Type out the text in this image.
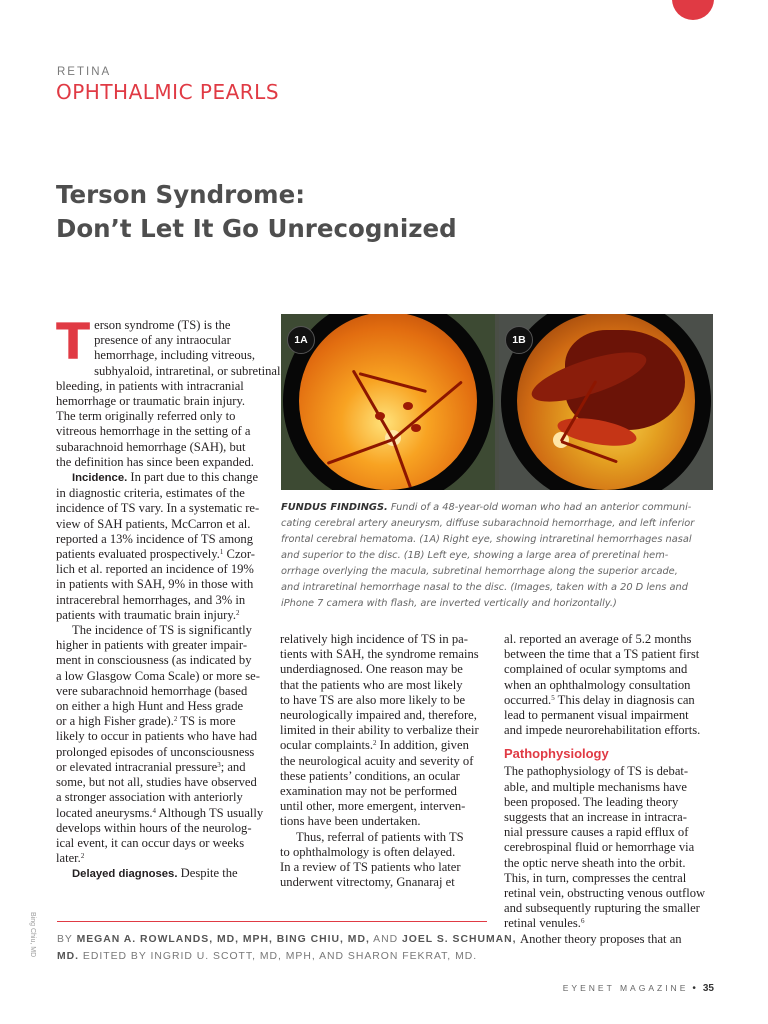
RETINA
OPHTHALMIC PEARLS
Terson Syndrome:
Don’t Let It Go Unrecognized
T erson syndrome (TS) is the

presence of any intraocular

hemorrhage, including vitreous,

subhyaloid, intraretinal, or subretinal

bleeding, in patients with intracranial

hemorrhage or traumatic brain injury.

The term originally referred only to

vitreous hemorrhage in the setting of a

subarachnoid hemorrhage (SAH), but

the definition has since been expanded.

Incidence. In part due to this change

in diagnostic criteria, estimates of the

incidence of TS vary. In a systematic re-

view of SAH patients, McCarron et al.

reported a 13% incidence of TS among

patients evaluated prospectively.$^1$ Czor-

lich et al. reported an incidence of 19%

in patients with SAH, 9% in those with

intracerebral hemorrhages, and 3% in

patients with traumatic brain injury.$^2$

The incidence of TS is significantly

higher in patients with greater impair-

ment in consciousness (as indicated by

a low Glasgow Coma Scale) or more se-

vere subarachnoid hemorrhage (based

on either a high Hunt and Hess grade

or a high Fisher grade).$^2$ TS is more

likely to occur in patients who have had

prolonged episodes of unconsciousness

or elevated intracranial pressure$^3$; and

some, but not all, studies have observed

a stronger association with anteriorly

located aneurysms.$^4$ Although TS usually

develops within hours of the neurolog-

ical event, it can occur days or weeks

later.$^2$

Delayed diagnoses. Despite the

1A	1B
FUNDUS FINDINGS. Fundi of a 48-year-old woman who had an anterior communi-
cating cerebral artery aneurysm, diffuse subarachnoid hemorrhage, and left inferior
frontal cerebral hematoma. (1A) Right eye, showing intraretinal hemorrhages nasal
and superior to the disc. (1B) Left eye, showing a large area of preretinal hem-
orrhage overlying the macula, subretinal hemorrhage along the superior arcade,
and intraretinal hemorrhage nasal to the disc. (Images, taken with a 20 D lens and
iPhone 7 camera with flash, are inverted vertically and horizontally.)

relatively high incidence of TS in pa-

tients with SAH, the syndrome remains

underdiagnosed. One reason may be

that the patients who are most likely

to have TS are also more likely to be

neurologically impaired and, therefore,

limited in their ability to verbalize their

ocular complaints.$^2$ In addition, given

the neurological acuity and severity of

these patients’ conditions, an ocular

examination may not be performed

until other, more emergent, interven-

tions have been undertaken.

Thus, referral of patients with TS

to ophthalmology is often delayed.

In a review of TS patients who later

underwent vitrectomy, Gnanaraj et

al. reported an average of 5.2 months

between the time that a TS patient first

complained of ocular symptoms and

when an ophthalmology consultation

occurred.$^5$ This delay in diagnosis can

lead to permanent visual impairment

and impede neurorehabilitation efforts.

Pathophysiology

The pathophysiology of TS is debat-

able, and multiple mechanisms have

been proposed. The leading theory

suggests that an increase in intracra-

nial pressure causes a rapid efflux of

cerebrospinal fluid or hemorrhage via

the optic nerve sheath into the orbit.

This, in turn, compresses the central

retinal vein, obstructing venous outflow

and subsequently rupturing the smaller

retinal venules.$^6$

Another theory proposes that an

BY MEGAN A. ROWLANDS, MD, MPH, BING CHIU, MD, AND JOEL S. SCHUMAN,
MD. EDITED BY INGRID U. SCOTT, MD, MPH, AND SHARON FEKRAT, MD.
Bing Chiu, MD
EYENET MAGAZINE • 35
